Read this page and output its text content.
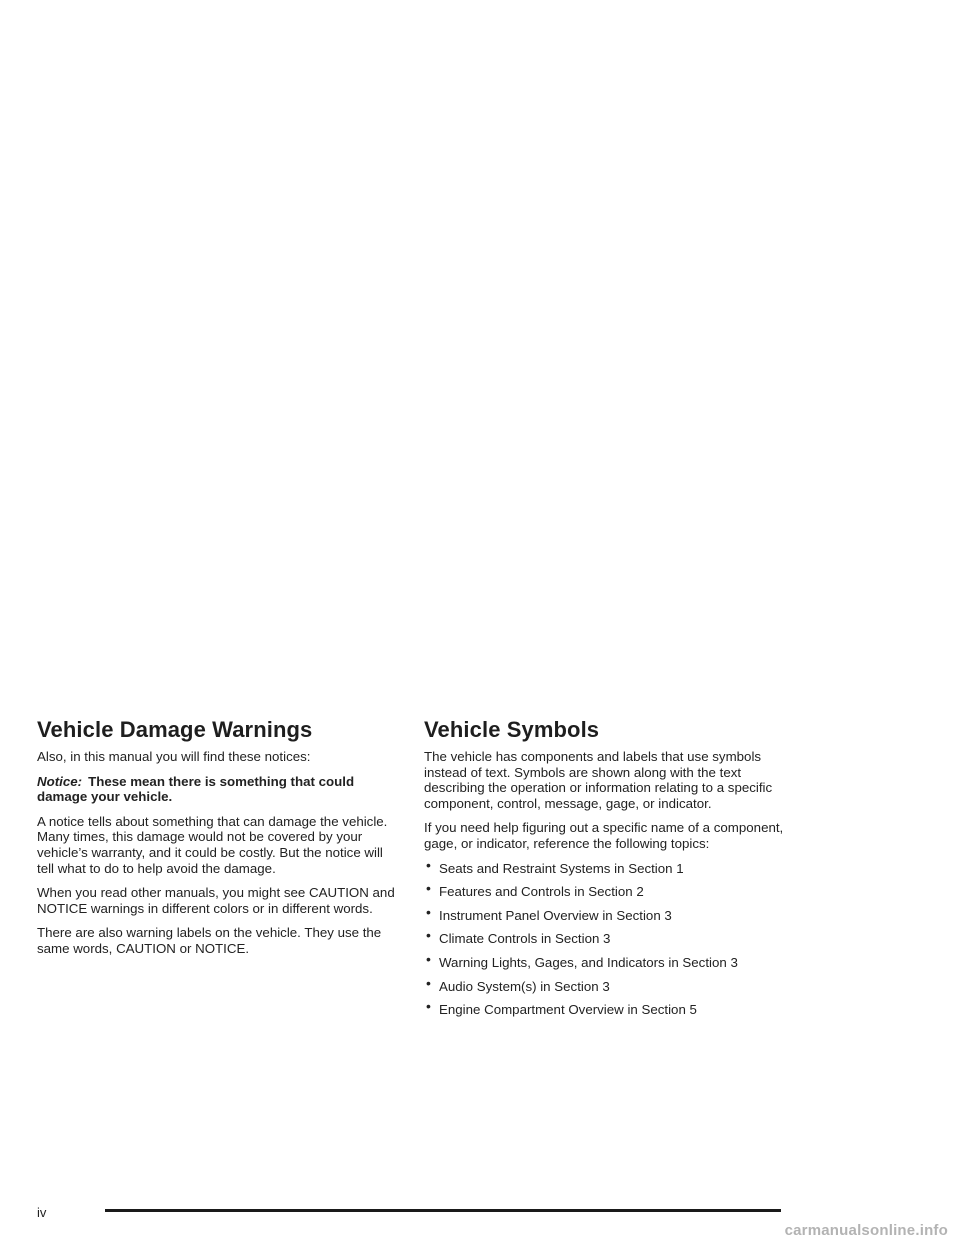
Vehicle Damage Warnings

Also, in this manual you will find these notices:

Notice: These mean there is something that could damage your vehicle.

A notice tells about something that can damage the vehicle. Many times, this damage would not be covered by your vehicle’s warranty, and it could be costly. But the notice will tell what to do to help avoid the damage.

When you read other manuals, you might see CAUTION and NOTICE warnings in different colors or in different words.

There are also warning labels on the vehicle. They use the same words, CAUTION or NOTICE.

Vehicle Symbols

The vehicle has components and labels that use symbols instead of text. Symbols are shown along with the text describing the operation or information relating to a specific component, control, message, gage, or indicator.

If you need help figuring out a specific name of a component, gage, or indicator, reference the following topics:

• Seats and Restraint Systems in Section 1
• Features and Controls in Section 2
• Instrument Panel Overview in Section 3
• Climate Controls in Section 3
• Warning Lights, Gages, and Indicators in Section 3
• Audio System(s) in Section 3
• Engine Compartment Overview in Section 5
iv
carmanualsonline.info
